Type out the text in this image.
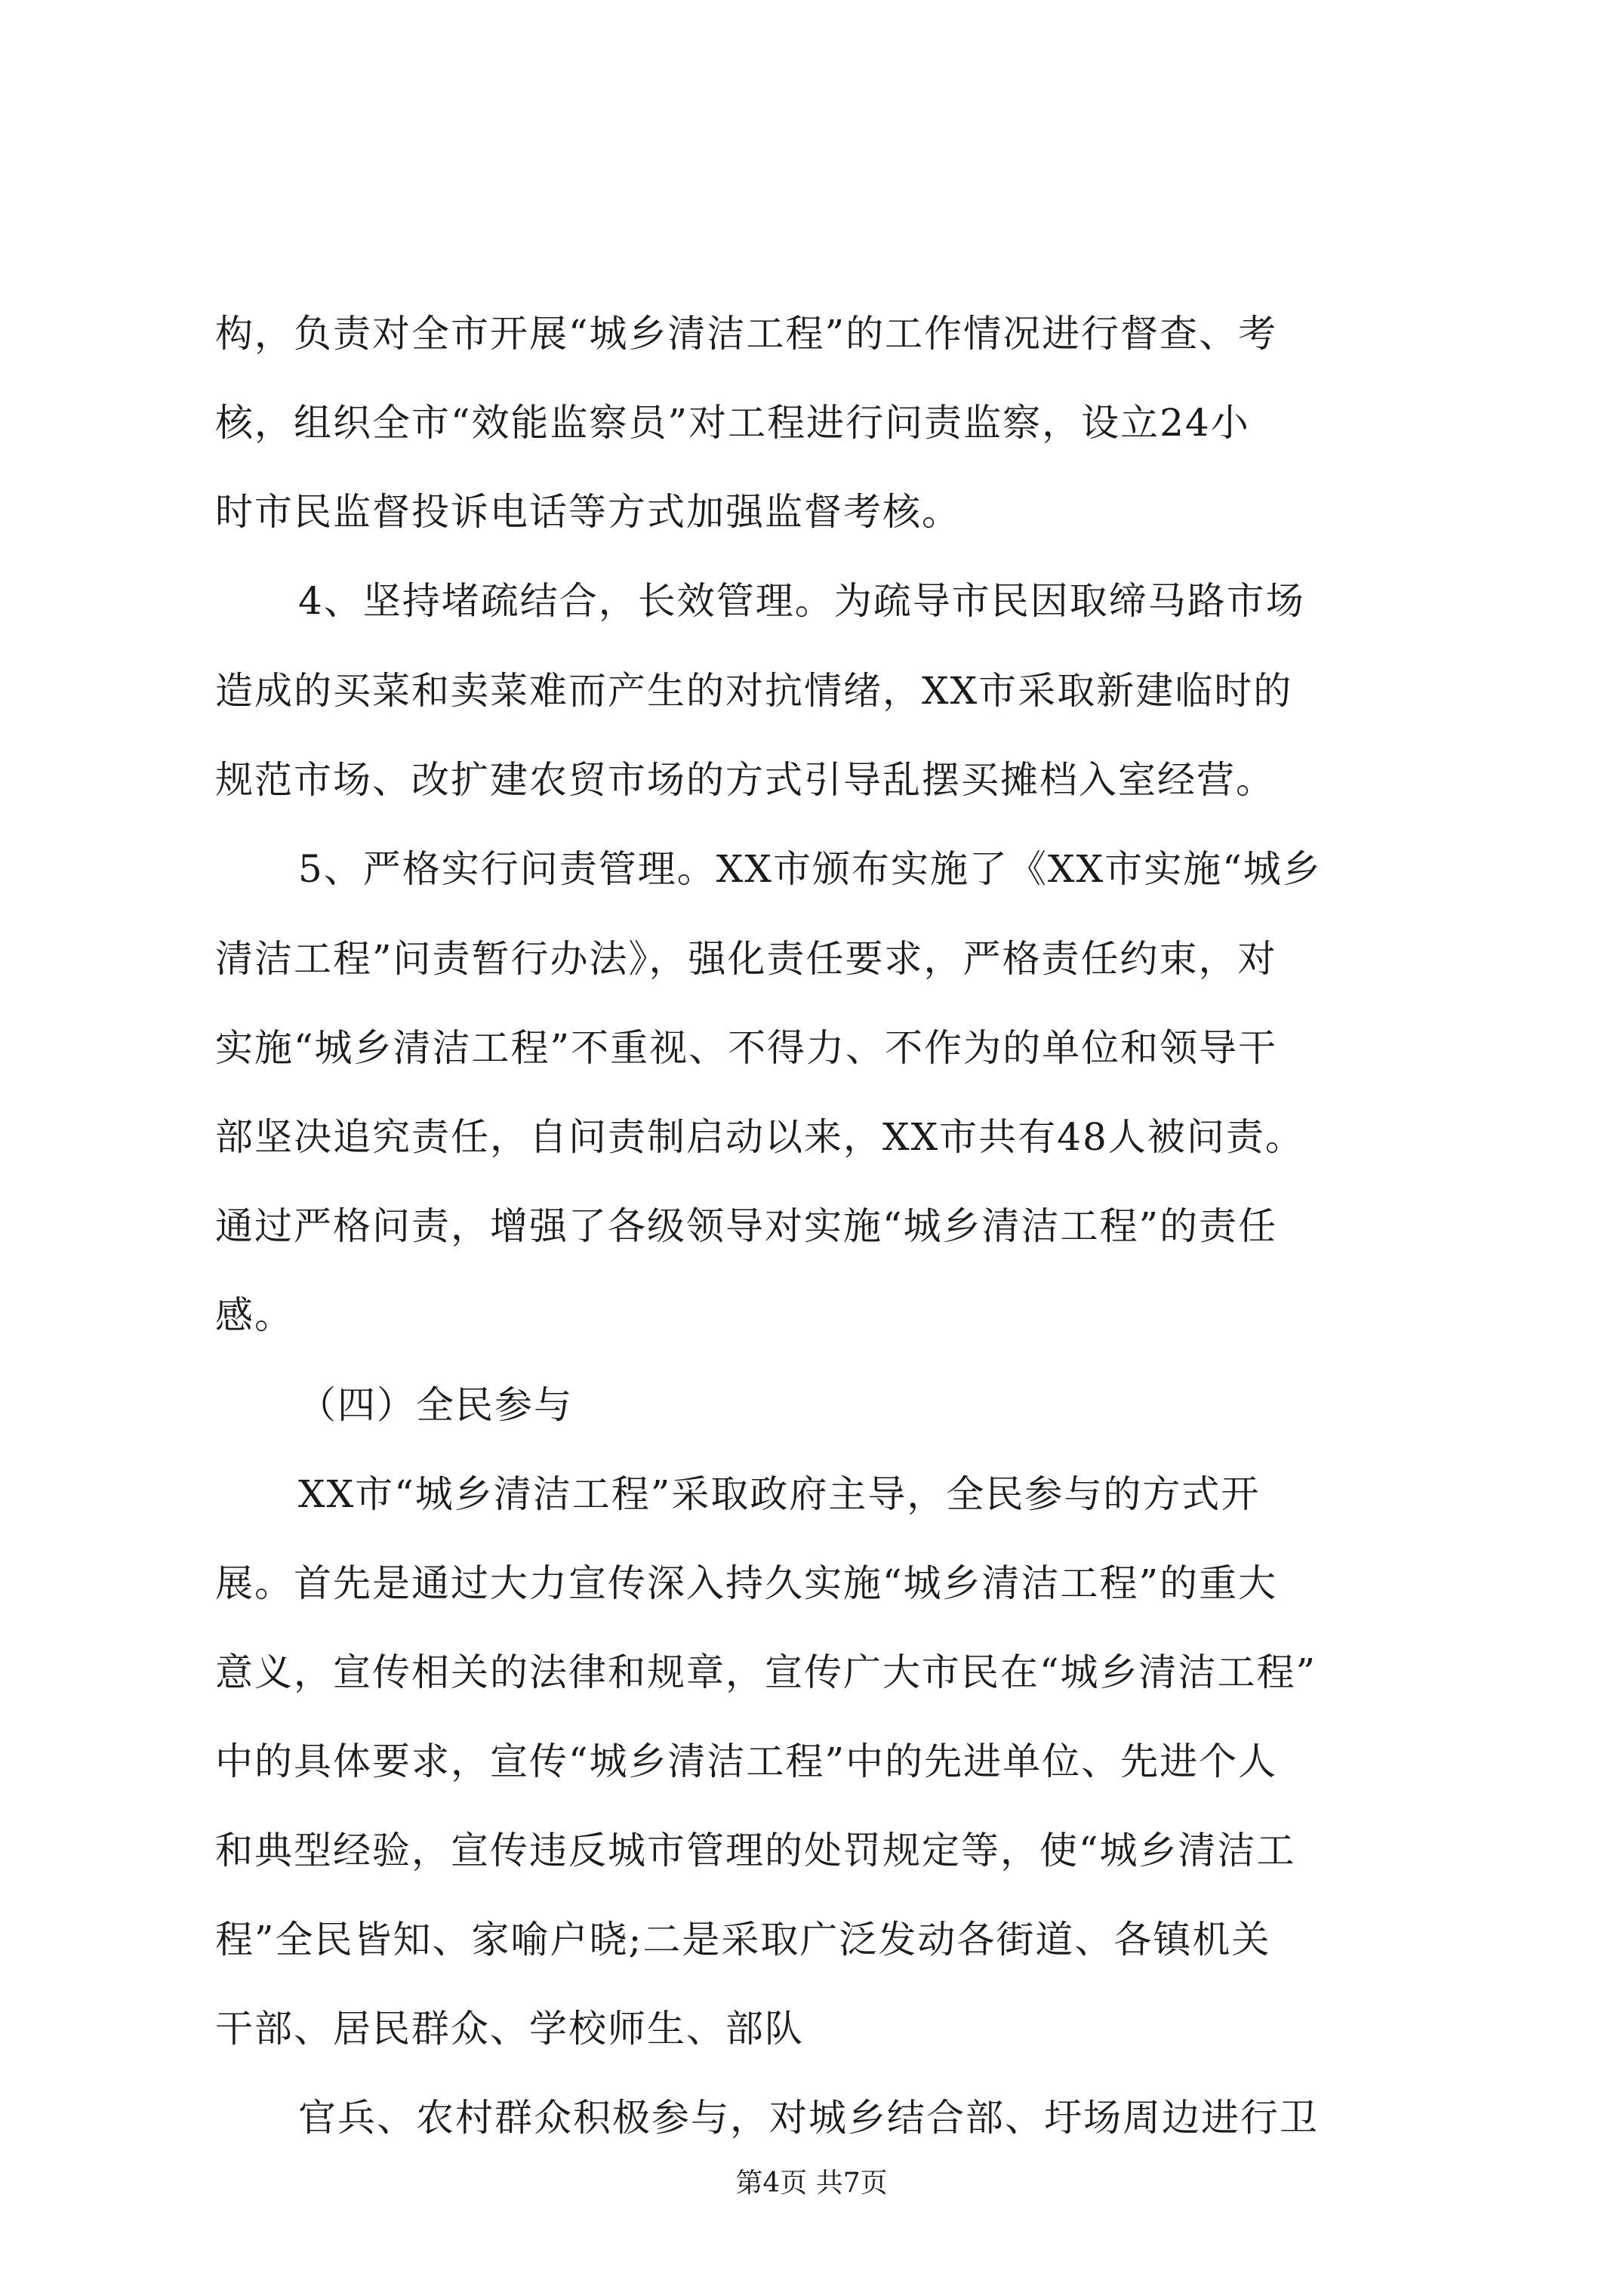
构，负责对全市开展“城乡清洁工程”的工作情况进行督查、考
核，组织全市“效能监察员”对工程进行问责监察，设立24小
时市民监督投诉电话等方式加强监督考核。
4、坚持堵疏结合，长效管理。为疏导市民因取缔马路市场
造成的买菜和卖菜难而产生的对抗情绪，XX市采取新建临时的
规范市场、改扩建农贸市场的方式引导乱摆买摊档入室经营。
5、严格实行问责管理。XX市颁布实施了《XX市实施“城乡
清洁工程”问责暂行办法》，强化责任要求，严格责任约束，对
实施“城乡清洁工程”不重视、不得力、不作为的单位和领导干
部坚决追究责任，自问责制启动以来，XX市共有48人被问责。
通过严格问责，增强了各级领导对实施“城乡清洁工程”的责任
感。
（四）全民参与
XX市“城乡清洁工程”采取政府主导，全民参与的方式开
展。首先是通过大力宣传深入持久实施“城乡清洁工程”的重大
意义，宣传相关的法律和规章，宣传广大市民在“城乡清洁工程”
中的具体要求，宣传“城乡清洁工程”中的先进单位、先进个人
和典型经验，宣传违反城市管理的处罚规定等，使“城乡清洁工
程”全民皆知、家喻户晓;二是采取广泛发动各街道、各镇机关
干部、居民群众、学校师生、部队
官兵、农村群众积极参与，对城乡结合部、圩场周边进行卫
第4页 共7页
